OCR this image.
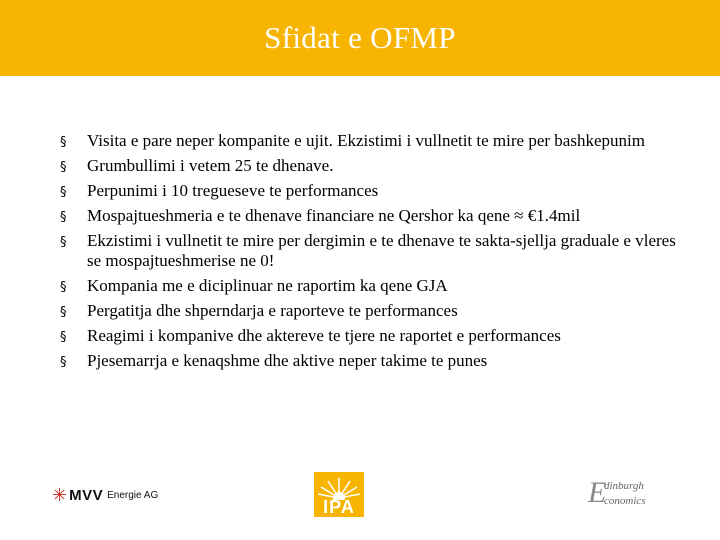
Sfidat e OFMP
§ Visita e pare neper kompanite e ujit. Ekzistimi i vullnetit te mire per bashkepunim
§ Grumbullimi i vetem 25 te dhenave.
§ Perpunimi i 10 tregueseve te performances
§ Mospajtueshmeria e te dhenave financiare ne Qershor ka qene ≈ €1.4mil
§ Ekzistimi i vullnetit te mire per dergimin e te dhenave te sakta-sjellja graduale e vleres se mospajtueshmerise ne 0!
§ Kompania me e diciplinuar ne raportim ka qene GJA
§ Pergatitja dhe shperndarja e raporteve te performances
§ Reagimi i kompanive dhe aktereve te tjere ne raportet e performances
§ Pjesemarrja e kenaqshme dhe aktive neper takime te punes
✳ MVV Energie AG
IPA	E
dinburgh
conomics
